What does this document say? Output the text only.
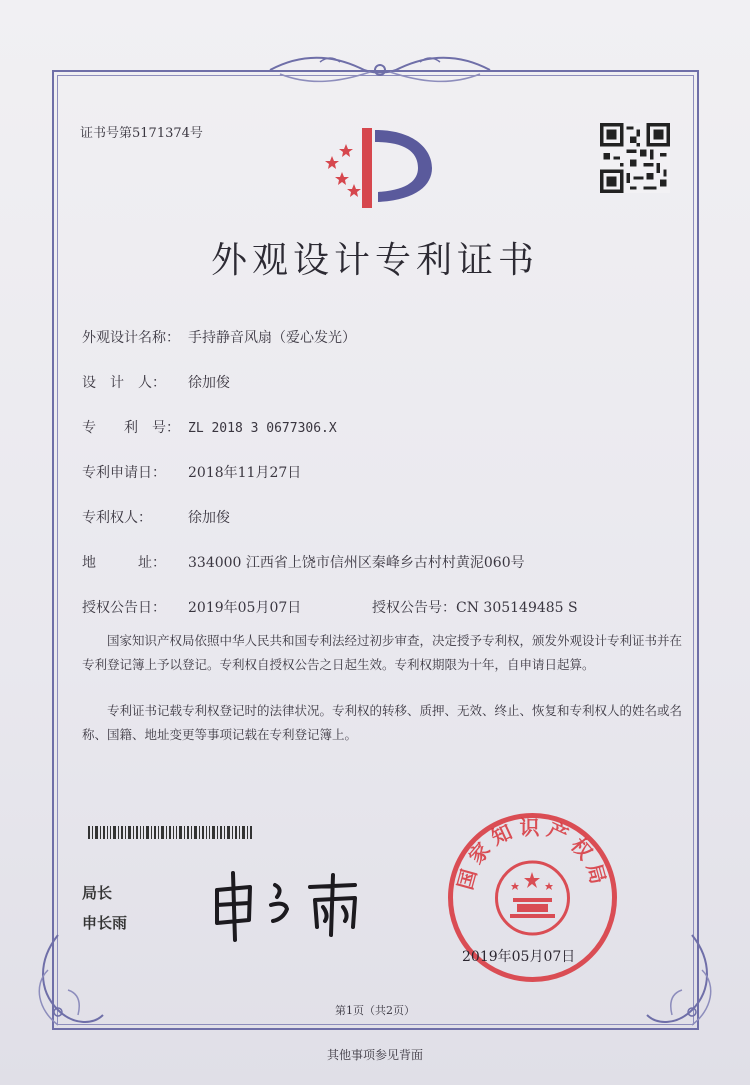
证书号第5171374号
外观设计专利证书
外观设计名称： 手持静音风扇（爱心发光）
设　计　人： 徐加俊
专　　利　号： ZL 2018 3 0677306.X
专利申请日： 2018年11月27日
专利权人：	徐加俊
地　　　址： 334000 江西省上饶市信州区秦峰乡古村村黄泥060号
授权公告日： 2019年05月07日	授权公告号：CN 305149485 S
国家知识产权局依照中华人民共和国专利法经过初步审查，决定授予专利权，颁发外观设计专利证书并在专利登记簿上予以登记。专利权自授权公告之日起生效。专利权期限为十年，自申请日起算。
专利证书记载专利权登记时的法律状况。专利权的转移、质押、无效、终止、恢复和专利权人的姓名或名称、国籍、地址变更等事项记载在专利登记簿上。
局长
申长雨
国家知识产权局
2019年05月07日
第1页（共2页）
其他事项参见背面
